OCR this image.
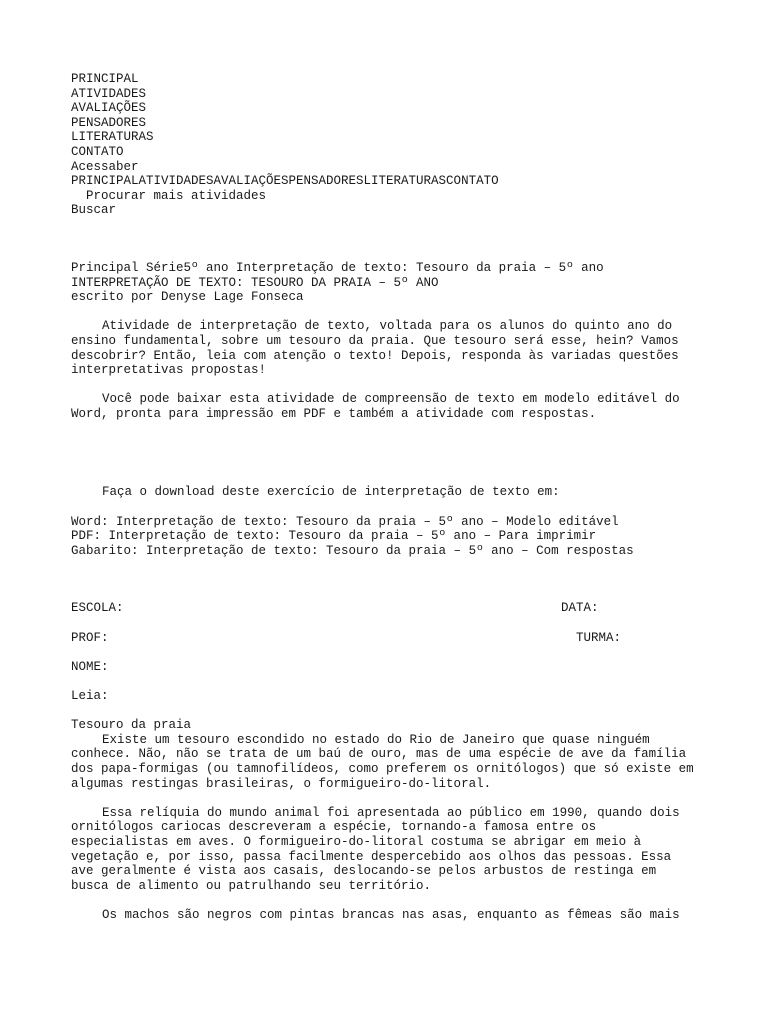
PRINCIPAL
ATIVIDADES
AVALIAÇÕES
PENSADORES
LITERATURAS
CONTATO
Acessaber
PRINCIPALATIVIDADESAVALIAÇÕESPENSADORESLITERATURASCONTATO
Procurar mais atividades
Buscar
Principal Série5º ano Interpretação de texto: Tesouro da praia – 5º ano
INTERPRETAÇÃO DE TEXTO: TESOURO DA PRAIA – 5º ANO
escrito por Denyse Lage Fonseca

Atividade de interpretação de texto, voltada para os alunos do quinto ano do ensino fundamental, sobre um tesouro da praia. Que tesouro será esse, hein? Vamos descobrir? Então, leia com atenção o texto! Depois, responda às variadas questões interpretativas propostas!

Você pode baixar esta atividade de compreensão de texto em modelo editável do Word, pronta para impressão em PDF e também a atividade com respostas.

Faça o download deste exercício de interpretação de texto em:

Word: Interpretação de texto: Tesouro da praia – 5º ano – Modelo editável
PDF: Interpretação de texto: Tesouro da praia – 5º ano – Para imprimir
Gabarito: Interpretação de texto: Tesouro da praia – 5º ano – Com respostas
ESCOLA:	DATA:
PROF:	TURMA:
NOME:
Leia:
Tesouro da praia

Existe um tesouro escondido no estado do Rio de Janeiro que quase ninguém conhece. Não, não se trata de um baú de ouro, mas de uma espécie de ave da família dos papa-formigas (ou tamnofilídeos, como preferem os ornitólogos) que só existe em algumas restingas brasileiras, o formigueiro-do-litoral.

Essa relíquia do mundo animal foi apresentada ao público em 1990, quando dois ornitólogos cariocas descreveram a espécie, tornando-a famosa entre os especialistas em aves. O formigueiro-do-litoral costuma se abrigar em meio à vegetação e, por isso, passa facilmente despercebido aos olhos das pessoas. Essa ave geralmente é vista aos casais, deslocando-se pelos arbustos de restinga em busca de alimento ou patrulhando seu território.

Os machos são negros com pintas brancas nas asas, enquanto as fêmeas são mais
